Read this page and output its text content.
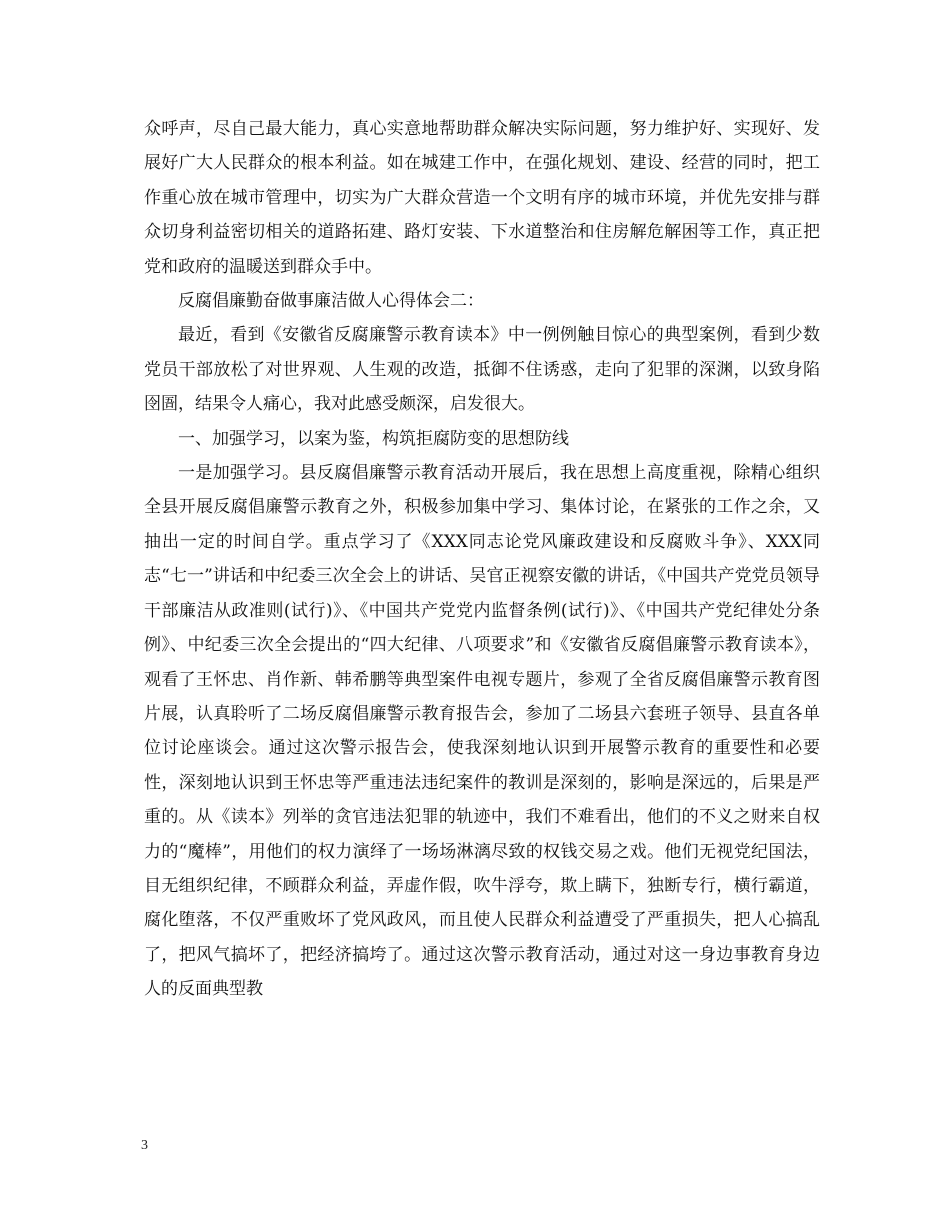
众呼声，尽自己最大能力，真心实意地帮助群众解决实际问题，努力维护好、实现好、发展好广大人民群众的根本利益。如在城建工作中，在强化规划、建设、经营的同时，把工作重心放在城市管理中，切实为广大群众营造一个文明有序的城市环境，并优先安排与群众切身利益密切相关的道路拓建、路灯安装、下水道整治和住房解危解困等工作，真正把党和政府的温暖送到群众手中。

反腐倡廉勤奋做事廉洁做人心得体会二：

最近，看到《安徽省反腐廉警示教育读本》中一例例触目惊心的典型案例，看到少数党员干部放松了对世界观、人生观的改造，抵御不住诱惑，走向了犯罪的深渊，以致身陷囹圄，结果令人痛心，我对此感受颇深，启发很大。

一、加强学习，以案为鉴，构筑拒腐防变的思想防线

一是加强学习。县反腐倡廉警示教育活动开展后，我在思想上高度重视，除精心组织全县开展反腐倡廉警示教育之外，积极参加集中学习、集体讨论，在紧张的工作之余，又抽出一定的时间自学。重点学习了《XXX同志论党风廉政建设和反腐败斗争》、XXX同志“七一”讲话和中纪委三次全会上的讲话、吴官正视察安徽的讲话，《中国共产党党员领导干部廉洁从政准则(试行)》、《中国共产党党内监督条例(试行)》、《中国共产党纪律处分条例》、中纪委三次全会提出的“四大纪律、八项要求”和《安徽省反腐倡廉警示教育读本》，观看了王怀忠、肖作新、韩希鹏等典型案件电视专题片，参观了全省反腐倡廉警示教育图片展，认真聆听了二场反腐倡廉警示教育报告会，参加了二场县六套班子领导、县直各单位讨论座谈会。通过这次警示报告会，使我深刻地认识到开展警示教育的重要性和必要性，深刻地认识到王怀忠等严重违法违纪案件的教训是深刻的，影响是深远的，后果是严重的。从《读本》列举的贪官违法犯罪的轨迹中，我们不难看出，他们的不义之财来自权力的“魔棒”，用他们的权力演绎了一场场淋漓尽致的权钱交易之戏。他们无视党纪国法，目无组织纪律，不顾群众利益，弄虚作假，吹牛浮夸，欺上瞒下，独断专行，横行霸道，腐化堕落，不仅严重败坏了党风政风，而且使人民群众利益遭受了严重损失，把人心搞乱了，把风气搞坏了，把经济搞垮了。通过这次警示教育活动，通过对这一身边事教育身边人的反面典型教

3
